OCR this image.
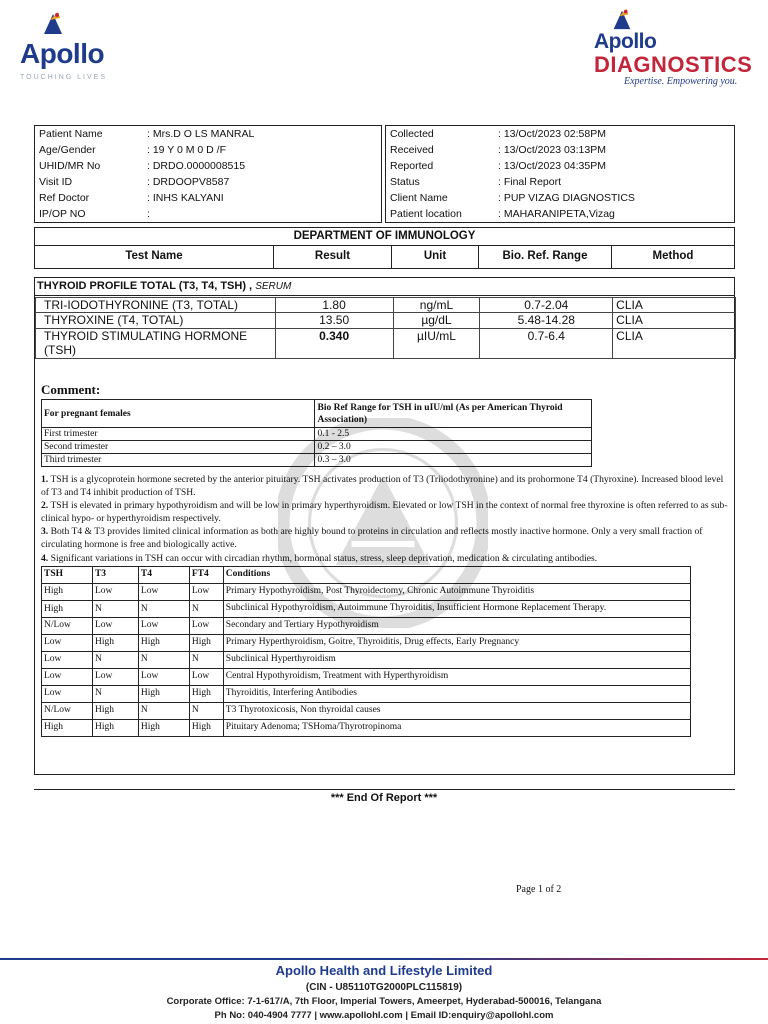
Apollo
TOUCHING LIVES
Apollo
DIAGNOSTICS
Expertise. Empowering you.
Patient Name	: Mrs.D O LS MANRAL
Age/Gender	: 19 Y 0 M 0 D /F
UHID/MR No	: DRDO.0000008515
Visit ID	: DRDOOPV8587
Ref Doctor	: INHS KALYANI
IP/OP NO	:
Collected	: 13/Oct/2023 02:58PM
Received	: 13/Oct/2023 03:13PM
Reported	: 13/Oct/2023 04:35PM
Status	: Final Report
Client Name	: PUP VIZAG DIAGNOSTICS
Patient location	: MAHARANIPETA,Vizag
DEPARTMENT OF IMMUNOLOGY
Test Name	Result	Unit	Bio. Ref. Range	Method
THYROID PROFILE TOTAL (T3, T4, TSH) , SERUM
TRI-IODOTHYRONINE (T3, TOTAL)	1.80	ng/mL	0.7-2.04	CLIA
THYROXINE (T4, TOTAL)	13.50	µg/dL	5.48-14.28	CLIA
THYROID STIMULATING HORMONE (TSH)	0.340	µIU/mL	0.7-6.4	CLIA
Comment:
For pregnant females	Bio Ref Range for TSH in uIU/ml (As per American Thyroid Association)
First trimester	0.1 - 2.5
Second trimester	0.2 – 3.0
Third trimester	0.3 – 3.0

1. TSH is a glycoprotein hormone secreted by the anterior pituitary. TSH activates production of T3 (Triiodothyronine) and its prohormone T4 (Thyroxine). Increased blood level of T3 and T4 inhibit production of TSH.

2. TSH is elevated in primary hypothyroidism and will be low in primary hyperthyroidism. Elevated or low TSH in the context of normal free thyroxine is often referred to as sub-clinical hypo- or hyperthyroidism respectively.

3. Both T4 & T3 provides limited clinical information as both are highly bound to proteins in circulation and reflects mostly inactive hormone. Only a very small fraction of circulating hormone is free and biologically active.

4. Significant variations in TSH can occur with circadian rhythm, hormonal status, stress, sleep deprivation, medication & circulating antibodies.

TSH	T3	T4	FT4	Conditions
High	Low	Low	Low	Primary Hypothyroidism, Post Thyroidectomy, Chronic Autoimmune Thyroiditis
High	N	N	N	Subclinical Hypothyroidism, Autoimmune Thyroiditis, Insufficient Hormone Replacement Therapy.
N/Low	Low	Low	Low	Secondary and Tertiary Hypothyroidism
Low	High	High	High	Primary Hyperthyroidism, Goitre, Thyroiditis, Drug effects, Early Pregnancy
Low	N	N	N	Subclinical Hyperthyroidism
Low	Low	Low	Low	Central Hypothyroidism, Treatment with Hyperthyroidism
Low	N	High	High	Thyroiditis, Interfering Antibodies
N/Low	High	N	N	T3 Thyrotoxicosis, Non thyroidal causes
High	High	High	High	Pituitary Adenoma; TSHoma/Thyrotropinoma
*** End Of Report ***
Page 1 of 2
Apollo Health and Lifestyle Limited
(CIN - U85110TG2000PLC115819)
Corporate Office: 7-1-617/A, 7th Floor, Imperial Towers, Ameerpet, Hyderabad-500016, Telangana
Ph No: 040-4904 7777 | www.apollohl.com | Email ID:enquiry@apollohl.com
